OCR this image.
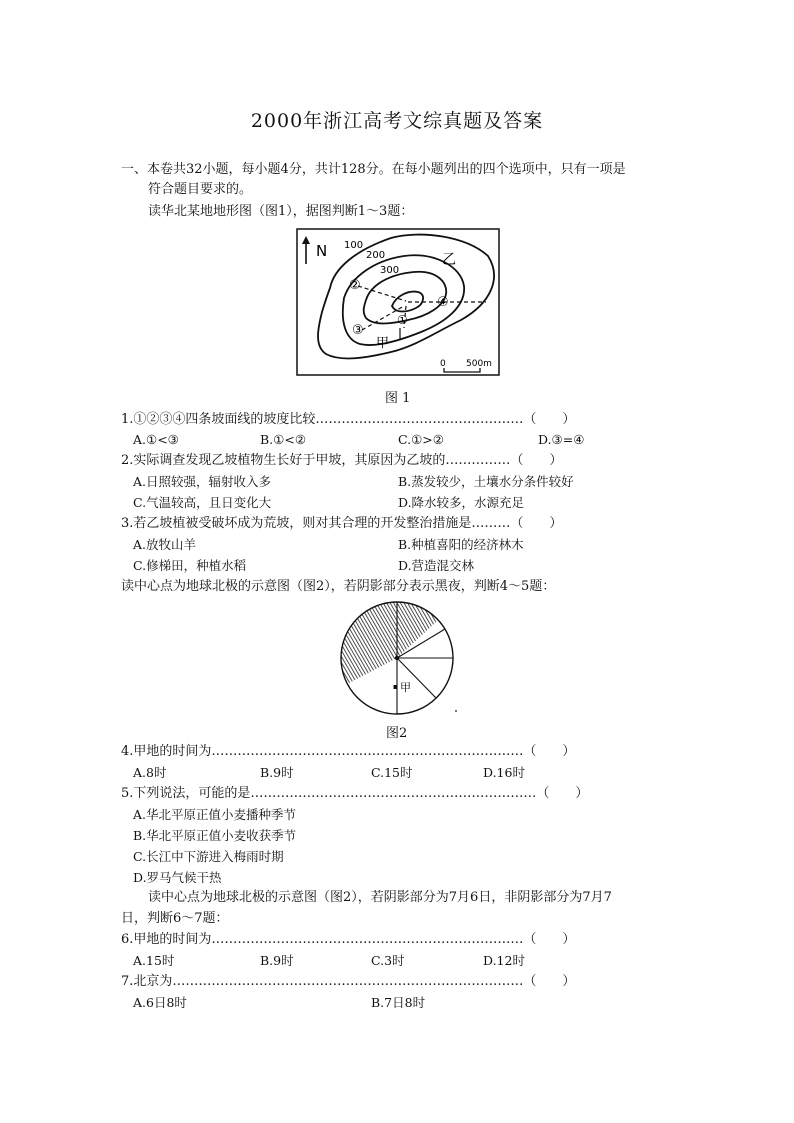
2000年浙江高考文综真题及答案
一、本卷共32小题，每小题4分，共计128分。在每小题列出的四个选项中，只有一项是
符合题目要求的。
读华北某地地形图（图1），据图判断1～3题：
N 100
200
300
②
④
③
①
乙
甲
0 500m
图 1
1.①②③④四条坡面线的坡度比较…………………………………………（　　）
A.①<③	B.①<②	C.①>②	D.③=④
2.实际调查发现乙坡植物生长好于甲坡，其原因为乙坡的……………（　　）
A.日照较强，辐射收入多	B.蒸发较少，土壤水分条件较好
C.气温较高，且日变化大	D.降水较多，水源充足
3.若乙坡植被受破坏成为荒坡，则对其合理的开发整治措施是………（　　）
A.放牧山羊	B.种植喜阳的经济林木
C.修梯田，种植水稻	D.营造混交林
读中心点为地球北极的示意图（图2），若阴影部分表示黑夜，判断4～5题：
甲
图2
4.甲地的时间为………………………………………………………………（　　）
A.8时	B.9时	C.15时	D.16时
5.下列说法，可能的是…………………………………………………………（　　）
A.华北平原正值小麦播种季节
B.华北平原正值小麦收获季节
C.长江中下游进入梅雨时期
D.罗马气候干热
读中心点为地球北极的示意图（图2），若阴影部分为7月6日，非阴影部分为7月7
日，判断6～7题：
6.甲地的时间为………………………………………………………………（　　）
A.15时	B.9时	C.3时	D.12时
7.北京为………………………………………………………………………（　　）
A.6日8时	B.7日8时
